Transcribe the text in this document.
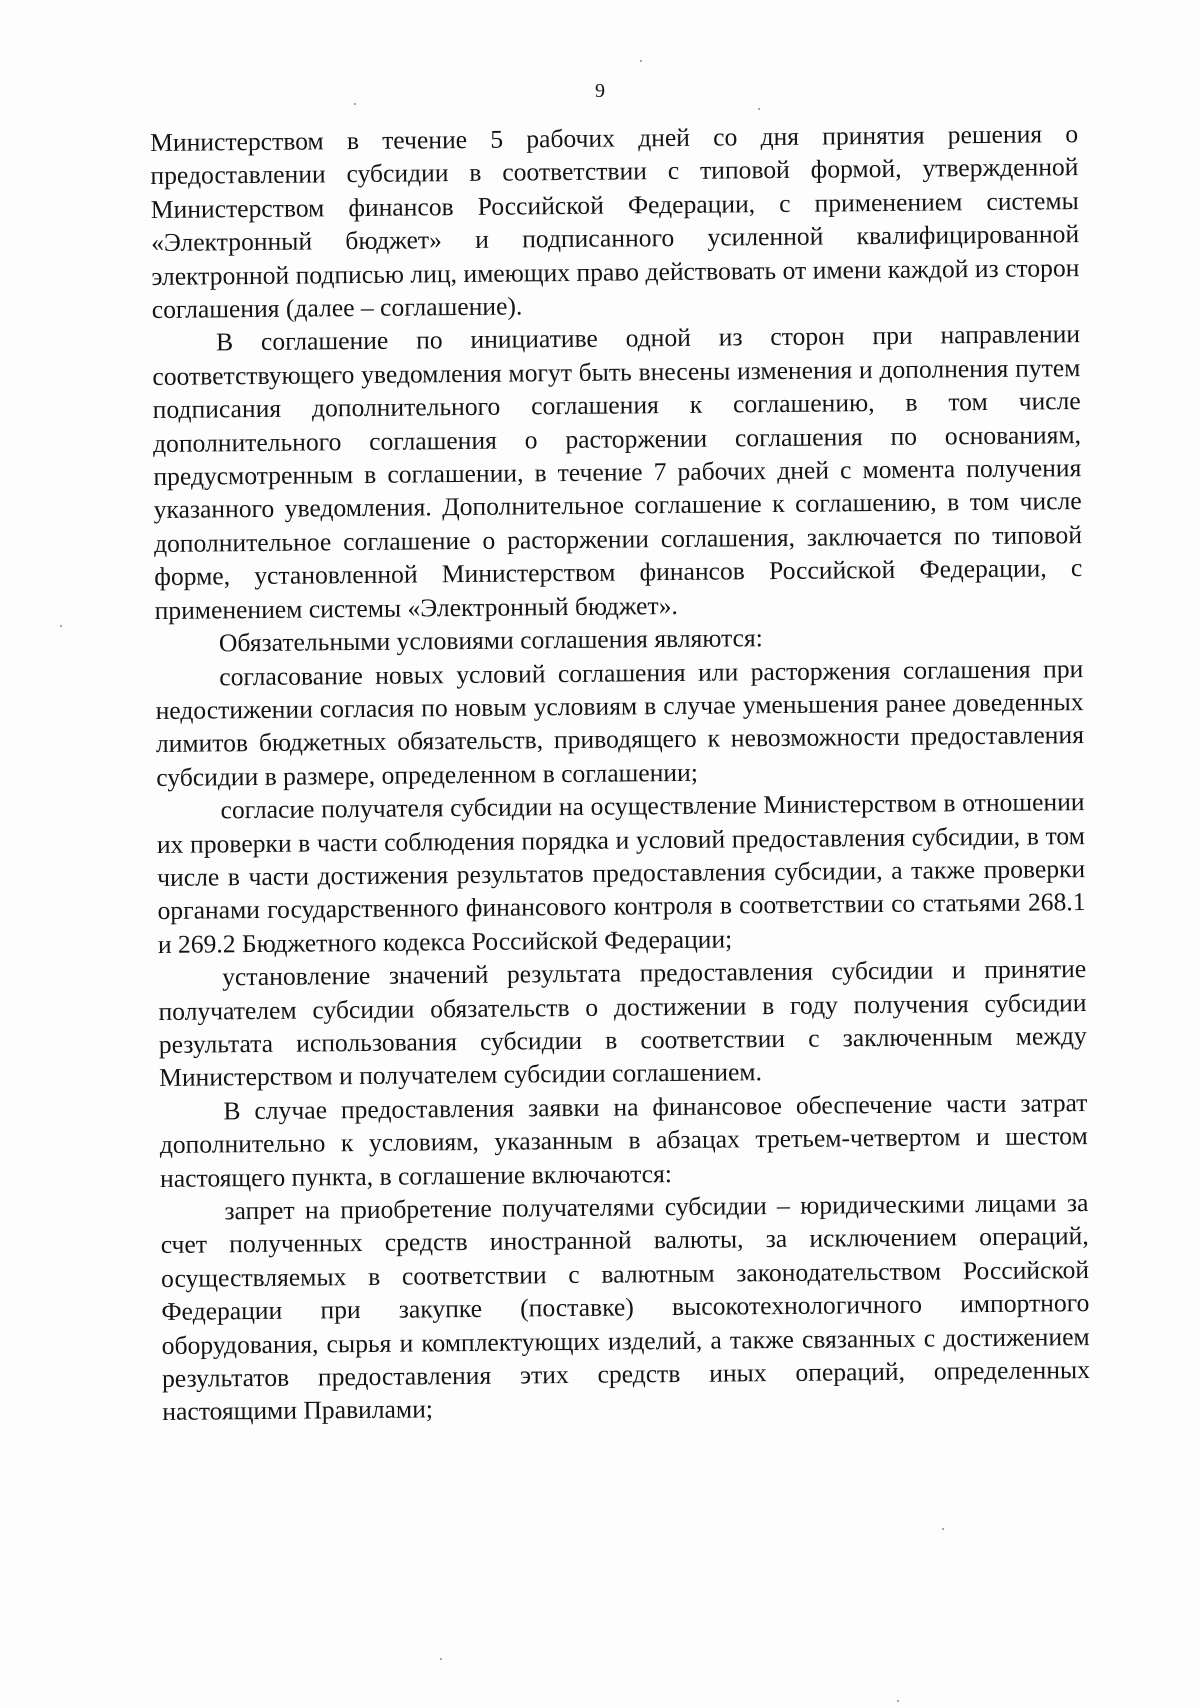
9

Министерством в течение 5 рабочих дней со дня принятия решения о предоставлении субсидии в соответствии с типовой формой, утвержденной Министерством финансов Российской Федерации, с применением системы «Электронный бюджет» и подписанного усиленной квалифицированной электронной подписью лиц, имеющих право действовать от имени каждой из сторон соглашения (далее – соглашение).

В соглашение по инициативе одной из сторон при направлении соответствующего уведомления могут быть внесены изменения и дополнения путем подписания дополнительного соглашения к соглашению, в том числе дополнительного соглашения о расторжении соглашения по основаниям, предусмотренным в соглашении, в течение 7 рабочих дней с момента получения указанного уведомления. Дополнительное соглашение к соглашению, в том числе дополнительное соглашение о расторжении соглашения, заключается по типовой форме, установленной Министерством финансов Российской Федерации, с применением системы «Электронный бюджет».

Обязательными условиями соглашения являются:

согласование новых условий соглашения или расторжения соглашения при недостижении согласия по новым условиям в случае уменьшения ранее доведенных лимитов бюджетных обязательств, приводящего к невозможности предоставления субсидии в размере, определенном в соглашении;

согласие получателя субсидии на осуществление Министерством в отношении их проверки в части соблюдения порядка и условий предоставления субсидии, в том числе в части достижения результатов предоставления субсидии, а также проверки органами государственного финансового контроля в соответствии со статьями 268.1 и 269.2 Бюджетного кодекса Российской Федерации;

установление значений результата предоставления субсидии и принятие получателем субсидии обязательств о достижении в году получения субсидии результата использования субсидии в соответствии с заключенным между Министерством и получателем субсидии соглашением.

В случае предоставления заявки на финансовое обеспечение части затрат дополнительно к условиям, указанным в абзацах третьем-четвертом и шестом настоящего пункта, в соглашение включаются:

запрет на приобретение получателями субсидии – юридическими лицами за счет полученных средств иностранной валюты, за исключением операций, осуществляемых в соответствии с валютным законодательством Российской Федерации при закупке (поставке) высокотехнологичного импортного оборудования, сырья и комплектующих изделий, а также связанных с достижением результатов предоставления этих средств иных операций, определенных настоящими Правилами;
